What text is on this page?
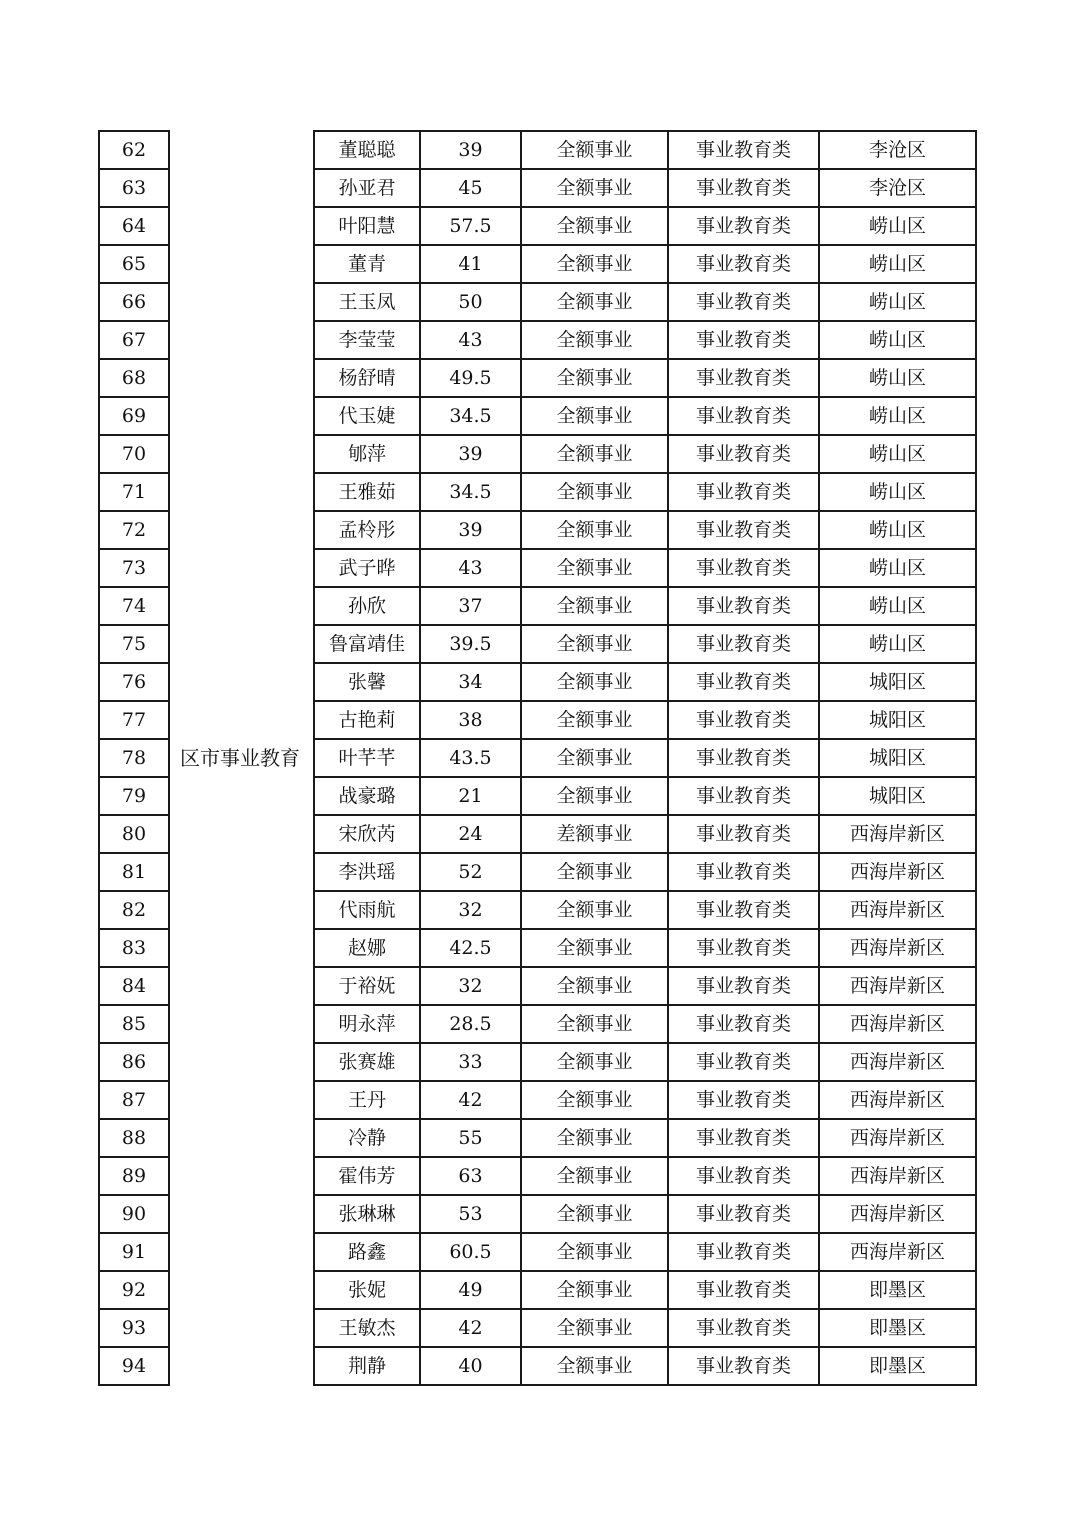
62	区市事业教育	董聪聪	39	全额事业	事业教育类	李沧区
63		孙亚君	45	全额事业	事业教育类	李沧区
64		叶阳慧	57.5	全额事业	事业教育类	崂山区
65		董青	41	全额事业	事业教育类	崂山区
66		王玉凤	50	全额事业	事业教育类	崂山区
67		李莹莹	43	全额事业	事业教育类	崂山区
68		杨舒晴	49.5	全额事业	事业教育类	崂山区
69		代玉婕	34.5	全额事业	事业教育类	崂山区
70		郇萍	39	全额事业	事业教育类	崂山区
71		王雅茹	34.5	全额事业	事业教育类	崂山区
72		孟柃彤	39	全额事业	事业教育类	崂山区
73		武子晔	43	全额事业	事业教育类	崂山区
74		孙欣	37	全额事业	事业教育类	崂山区
75		鲁富靖佳	39.5	全额事业	事业教育类	崂山区
76		张馨	34	全额事业	事业教育类	城阳区
77		古艳莉	38	全额事业	事业教育类	城阳区
78		叶芊芊	43.5	全额事业	事业教育类	城阳区
79		战豪璐	21	全额事业	事业教育类	城阳区
80		宋欣芮	24	差额事业	事业教育类	西海岸新区
81		李洪瑶	52	全额事业	事业教育类	西海岸新区
82		代雨航	32	全额事业	事业教育类	西海岸新区
83		赵娜	42.5	全额事业	事业教育类	西海岸新区
84		于裕妩	32	全额事业	事业教育类	西海岸新区
85		明永萍	28.5	全额事业	事业教育类	西海岸新区
86		张赛雄	33	全额事业	事业教育类	西海岸新区
87		王丹	42	全额事业	事业教育类	西海岸新区
88		冷静	55	全额事业	事业教育类	西海岸新区
89		霍伟芳	63	全额事业	事业教育类	西海岸新区
90		张琳琳	53	全额事业	事业教育类	西海岸新区
91		路鑫	60.5	全额事业	事业教育类	西海岸新区
92		张妮	49	全额事业	事业教育类	即墨区
93		王敏杰	42	全额事业	事业教育类	即墨区
94		荆静	40	全额事业	事业教育类	即墨区
